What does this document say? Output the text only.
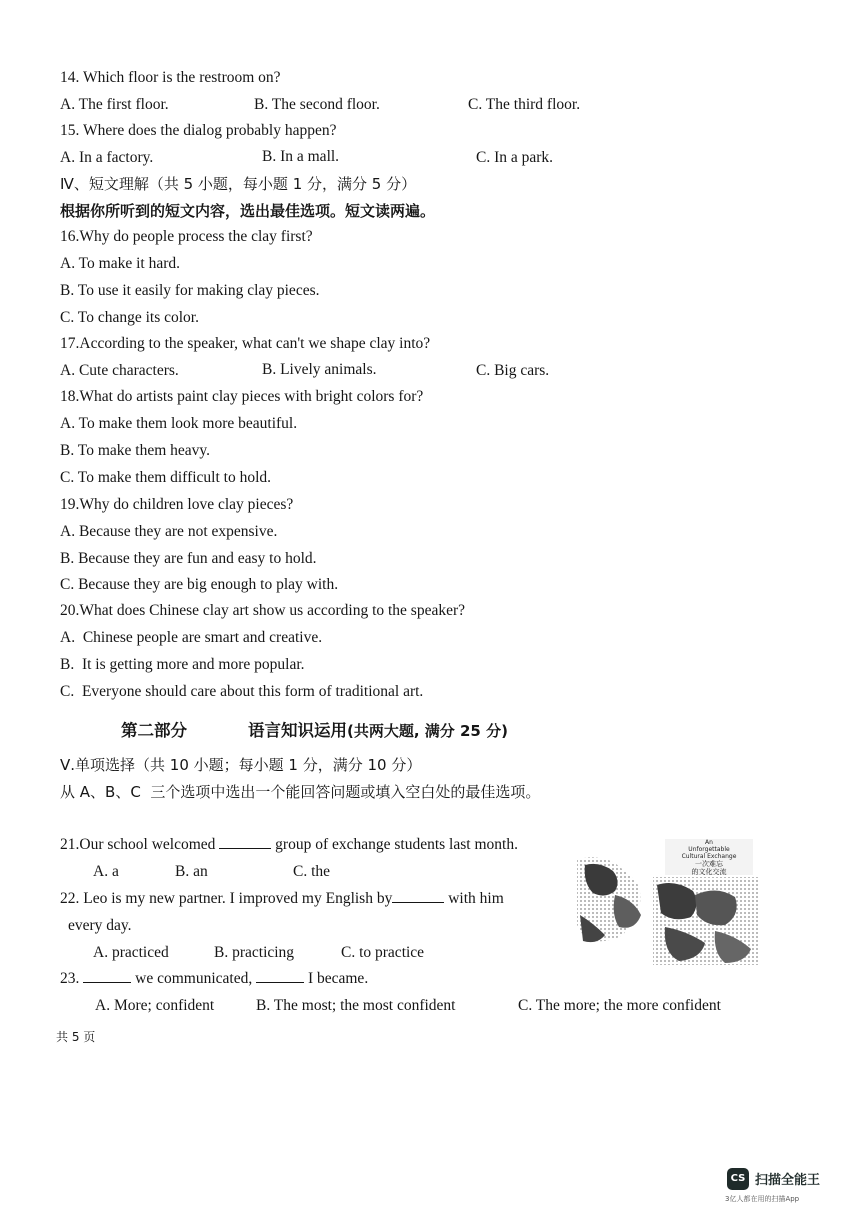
14. Which floor is the restroom on?
A. The first floor.	B. The second floor.	C. The third floor.
15. Where does the dialog probably happen?
A. In a factory.	B. In a mall.	C. In a park.
Ⅳ、短文理解（共 5 小题，每小题 1 分，满分 5 分）
根据你所听到的短文内容，选出最佳选项。短文读两遍。
16.Why do people process the clay first?
A. To make it hard.
B. To use it easily for making clay pieces.
C. To change its color.
17.According to the speaker, what can't we shape clay into?
A. Cute characters.	B. Lively animals.	C. Big cars.
18.What do artists paint clay pieces with bright colors for?
A. To make them look more beautiful.
B. To make them heavy.
C. To make them difficult to hold.
19.Why do children love clay pieces?
A. Because they are not expensive.
B. Because they are fun and easy to hold.
C. Because they are big enough to play with.
20.What does Chinese clay art show us according to the speaker?
A.  Chinese people are smart and creative.
B.  It is getting more and more popular.
C.  Everyone should care about this form of traditional art.
第二部分	语言知识运用(共两大题, 满分 25 分)
Ⅴ.单项选择（共 10 小题；每小题 1 分，满分 10 分）
从 A、B、C  三个选项中选出一个能回答问题或填入空白处的最佳选项。
21.Our school welcomed	group of exchange students last month.
A. a	B. an	C. the
22. Leo is my new partner. I improved my English by	with him
every day.
A. practiced	B. practicing	C. to practice
23.	we communicated,	I became.
A. More; confident	B. The most; the most confident	C. The more; the more confident
An
Unforgettable
Cultural Exchange
一次难忘
的文化交流
共 5 页
CS 扫描全能王
3亿人都在用的扫描App
